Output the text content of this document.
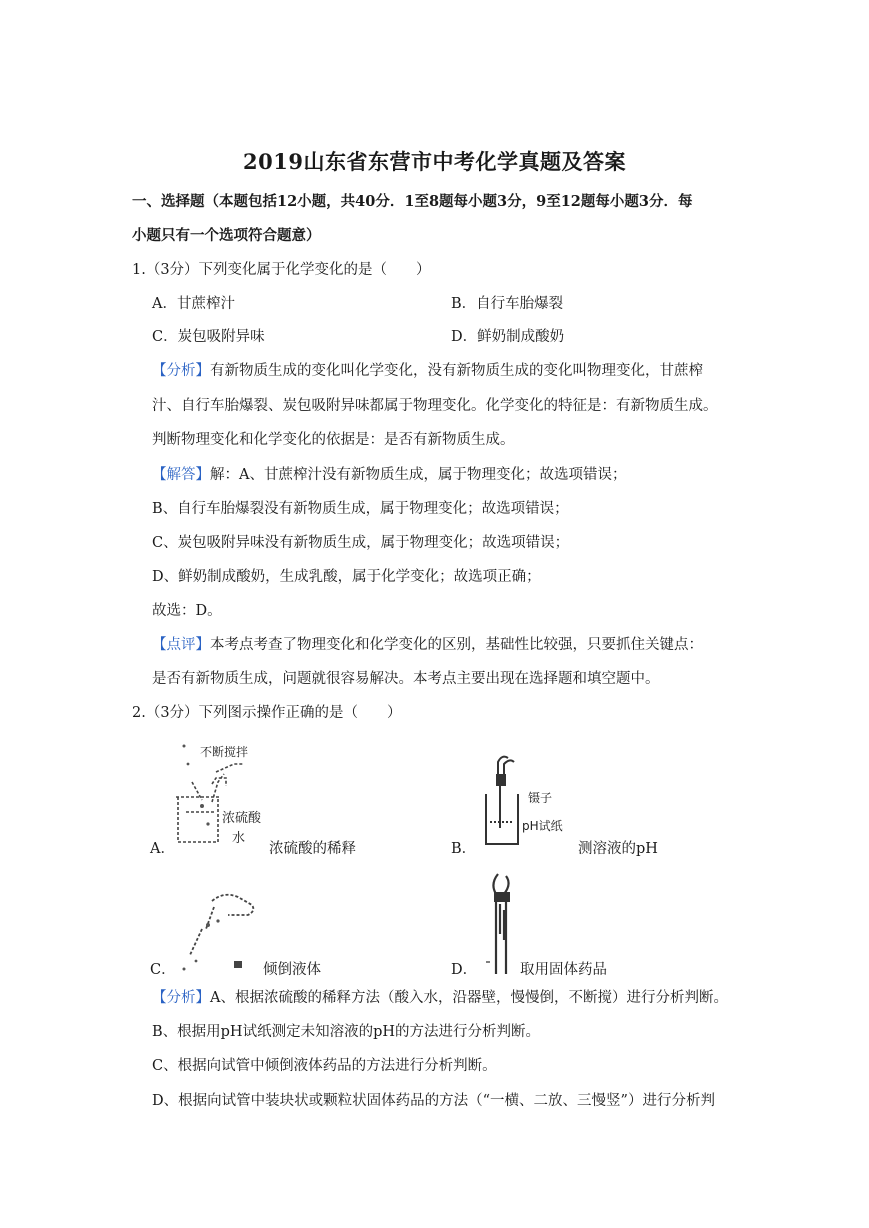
2019山东省东营市中考化学真题及答案
一、选择题（本题包括12小题，共40分．1至8题每小题3分，9至12题每小题3分．每
小题只有一个选项符合题意）
1.（3分）下列变化属于化学变化的是（　　）
A．甘蔗榨汁	B．自行车胎爆裂
C．炭包吸附异味	D．鲜奶制成酸奶
【分析】有新物质生成的变化叫化学变化，没有新物质生成的变化叫物理变化，甘蔗榨
汁、自行车胎爆裂、炭包吸附异味都属于物理变化。化学变化的特征是：有新物质生成。
判断物理变化和化学变化的依据是：是否有新物质生成。
【解答】解：A、甘蔗榨汁没有新物质生成，属于物理变化；故选项错误；
B、自行车胎爆裂没有新物质生成，属于物理变化；故选项错误；
C、炭包吸附异味没有新物质生成，属于物理变化；故选项错误；
D、鲜奶制成酸奶，生成乳酸，属于化学变化；故选项正确；
故选：D。
【点评】本考点考查了物理变化和化学变化的区别，基础性比较强，只要抓住关键点：
是否有新物质生成，问题就很容易解决。本考点主要出现在选择题和填空题中。
2.（3分）下列图示操作正确的是（　　）
不断搅拌
浓硫酸
水
A．	浓硫酸的稀释
镊子
pH试纸
B．	测溶液的pH
C．	倾倒液体	D．	取用固体药品
【分析】A、根据浓硫酸的稀释方法（酸入水，沿器壁，慢慢倒，不断搅）进行分析判断。
B、根据用pH试纸测定未知溶液的pH的方法进行分析判断。
C、根据向试管中倾倒液体药品的方法进行分析判断。
D、根据向试管中装块状或颗粒状固体药品的方法（“一横、二放、三慢竖”）进行分析判
